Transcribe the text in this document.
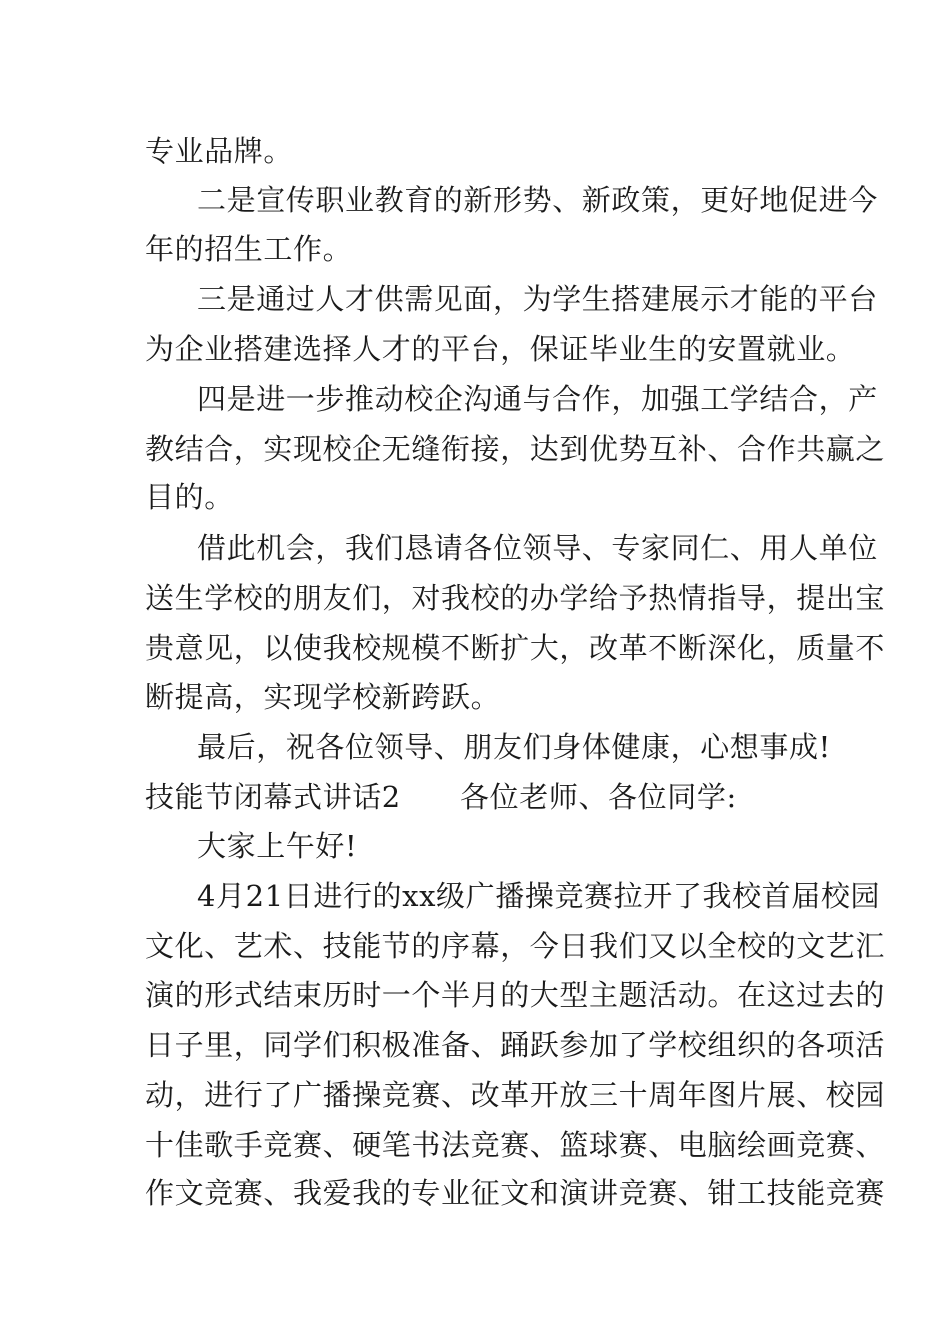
专业品牌。
二是宣传职业教育的新形势、新政策，更好地促进今
年的招生工作。
三是通过人才供需见面，为学生搭建展示才能的平台
为企业搭建选择人才的平台，保证毕业生的安置就业。
四是进一步推动校企沟通与合作，加强工学结合，产
教结合，实现校企无缝衔接，达到优势互补、合作共赢之
目的。
借此机会，我们恳请各位领导、专家同仁、用人单位
送生学校的朋友们，对我校的办学给予热情指导，提出宝
贵意见，以使我校规模不断扩大，改革不断深化，质量不
断提高，实现学校新跨跃。
最后，祝各位领导、朋友们身体健康，心想事成!
技能节闭幕式讲话2　　各位老师、各位同学:
大家上午好!
4月21日进行的xx级广播操竞赛拉开了我校首届校园
文化、艺术、技能节的序幕，今日我们又以全校的文艺汇
演的形式结束历时一个半月的大型主题活动。在这过去的
日子里，同学们积极准备、踊跃参加了学校组织的各项活
动，进行了广播操竞赛、改革开放三十周年图片展、校园
十佳歌手竞赛、硬笔书法竞赛、篮球赛、电脑绘画竞赛、
作文竞赛、我爱我的专业征文和演讲竞赛、钳工技能竞赛
